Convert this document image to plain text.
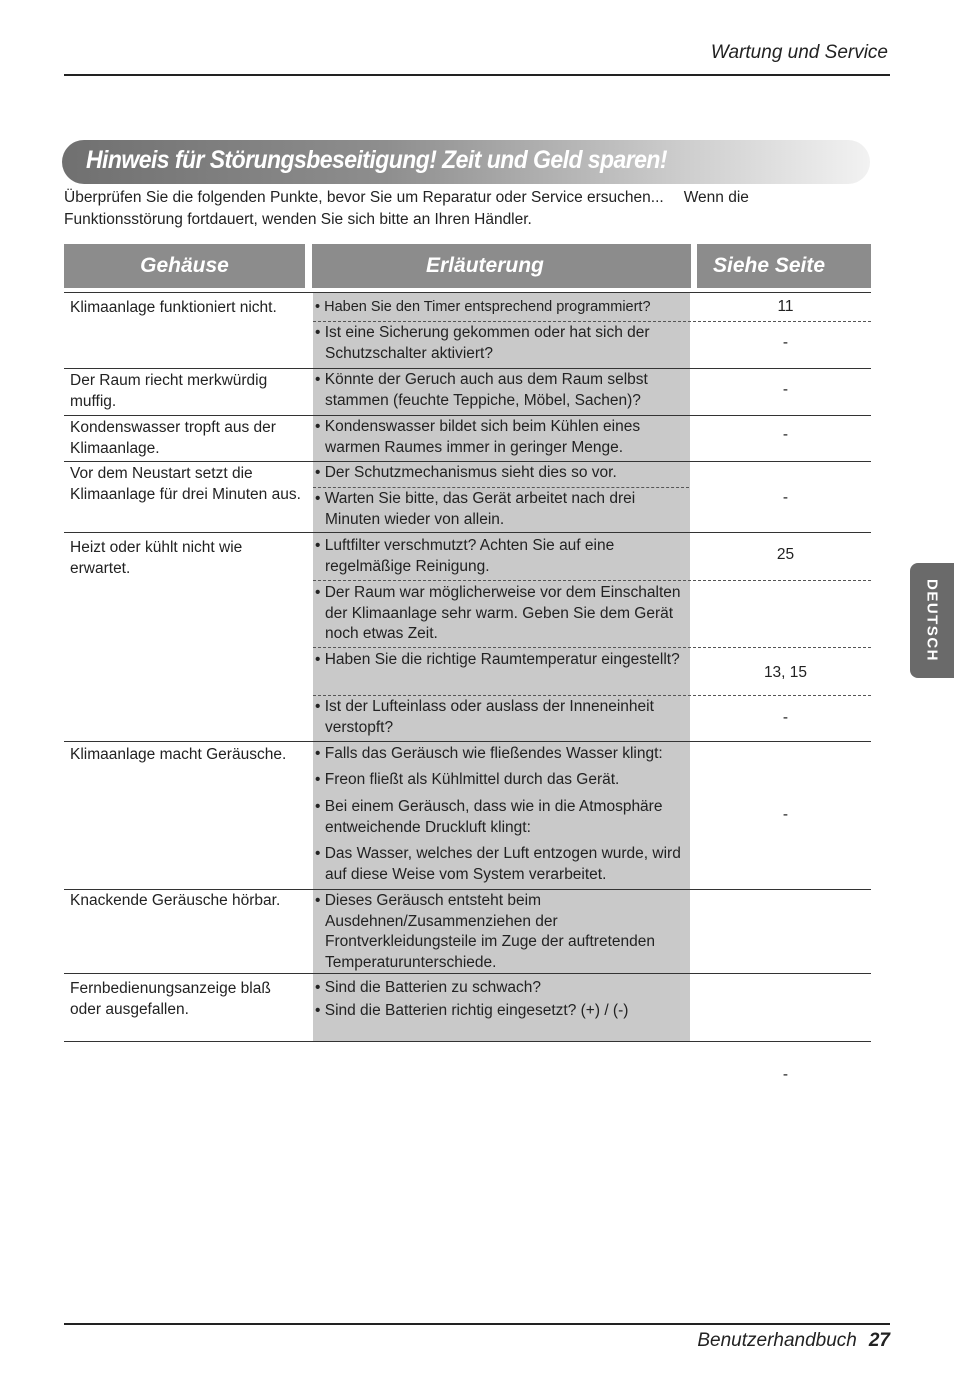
Wartung und Service
Hinweis für Störungsbeseitigung! Zeit und Geld sparen!
Überprüfen Sie die folgenden Punkte, bevor Sie um Reparatur oder Service ersuchen... Wenn die
Funktionsstörung fortdauert, wenden Sie sich bitte an Ihren Händler.
Gehäuse	Erläuterung	Siehe Seite
Klimaanlage funktioniert nicht.
Der Raum riecht merkwürdig muffig.
Kondenswasser tropft aus der Klimaanlage.
Vor dem Neustart setzt die Klimaanlage für drei Minuten aus.
Heizt oder kühlt nicht wie erwartet.
Klimaanlage macht Geräusche.
Knackende Geräusche hörbar.
Fernbedienungsanzeige blaß oder ausgefallen.
• Haben Sie den Timer entsprechend programmiert?
• Ist eine Sicherung gekommen oder hat sich der Schutzschalter aktiviert?
• Könnte der Geruch auch aus dem Raum selbst stammen (feuchte Teppiche, Möbel, Sachen)?
• Kondenswasser bildet sich beim Kühlen eines warmen Raumes immer in geringer Menge.
• Der Schutzmechanismus sieht dies so vor.
• Warten Sie bitte, das Gerät arbeitet nach drei Minuten wieder von allein.
• Luftfilter verschmutzt? Achten Sie auf eine regelmäßige Reinigung.
• Der Raum war möglicherweise vor dem Einschalten der Klimaanlage sehr warm. Geben Sie dem Gerät noch etwas Zeit.
• Haben Sie die richtige Raumtemperatur eingestellt?
• Ist der Lufteinlass oder auslass der Inneneinheit verstopft?
• Falls das Geräusch wie fließendes Wasser klingt:
• Freon fließt als Kühlmittel durch das Gerät.
• Bei einem Geräusch, dass wie in die Atmosphäre entweichende Druckluft klingt:
• Das Wasser, welches der Luft entzogen wurde, wird auf diese Weise vom System verarbeitet.
• Dieses Geräusch entsteht beim Ausdehnen/Zusammenziehen der Frontverkleidungsteile im Zuge der auftretenden Temperaturunterschiede.
• Sind die Batterien zu schwach?
• Sind die Batterien richtig eingesetzt? (+) / (-)
11
-
-
-
-
25
13, 15
-
-
-
DEUTSCH
Benutzerhandbuch 27
